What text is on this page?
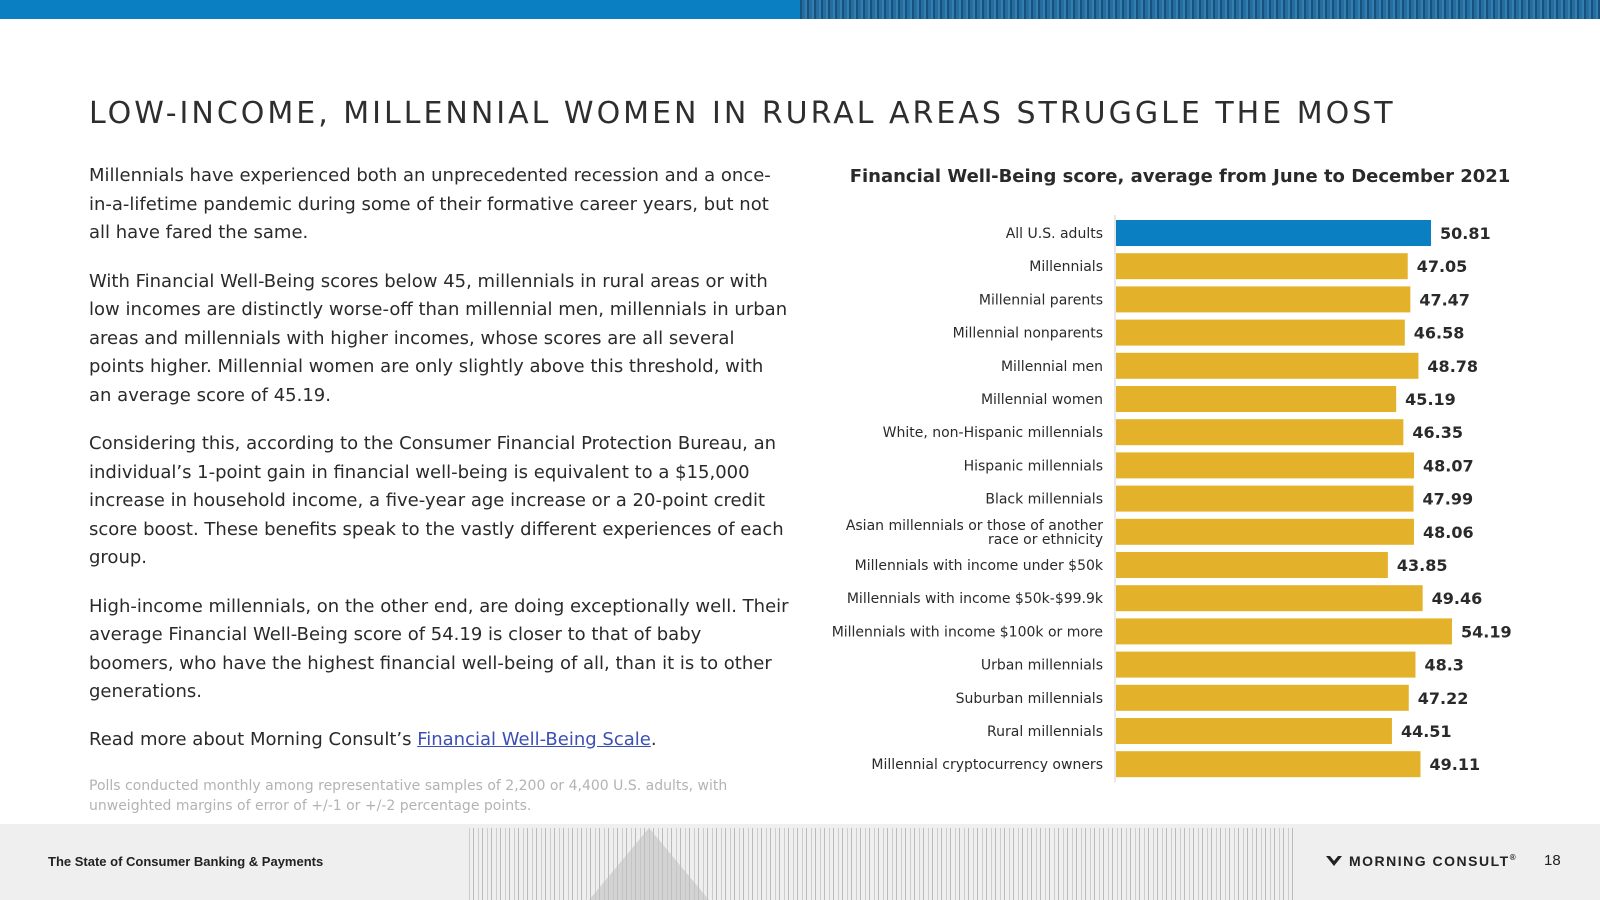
LOW-INCOME, MILLENNIAL WOMEN IN RURAL AREAS STRUGGLE THE MOST

Millennials have experienced both an unprecedented recession and a once-in-a-lifetime pandemic during some of their formative career years, but not all have fared the same.

With Financial Well-Being scores below 45, millennials in rural areas or with low incomes are distinctly worse-off than millennial men, millennials in urban areas and millennials with higher incomes, whose scores are all several points higher. Millennial women are only slightly above this threshold, with an average score of 45.19.

Considering this, according to the Consumer Financial Protection Bureau, an individual’s 1-point gain in financial well-being is equivalent to a $15,000 increase in household income, a five-year age increase or a 20-point credit score boost. These benefits speak to the vastly different experiences of each group.

High-income millennials, on the other end, are doing exceptionally well. Their average Financial Well-Being score of 54.19 is closer to that of baby boomers, who have the highest financial well-being of all, than it is to other generations.

Read more about Morning Consult’s Financial Well-Being Scale.

Polls conducted monthly among representative samples of 2,200 or 4,400 U.S. adults, with unweighted margins of error of +/-1 or +/-2 percentage points.
Financial Well-Being score, average from June to December 2021
50.81
All U.S. adults
47.05
Millennials
47.47
Millennial parents
46.58
Millennial nonparents
48.78
Millennial men
45.19
Millennial women
46.35
White, non-Hispanic millennials
48.07
Hispanic millennials
47.99
Black millennials
48.06
Asian millennials or those of another race or ethnicity
43.85
Millennials with income under $50k
49.46
Millennials with income $50k-$99.9k
54.19
Millennials with income $100k or more
48.3
Urban millennials
47.22
Suburban millennials
44.51
Rural millennials
49.11
Millennial cryptocurrency owners
The State of Consumer Banking & Payments	MORNING CONSULT® 18
